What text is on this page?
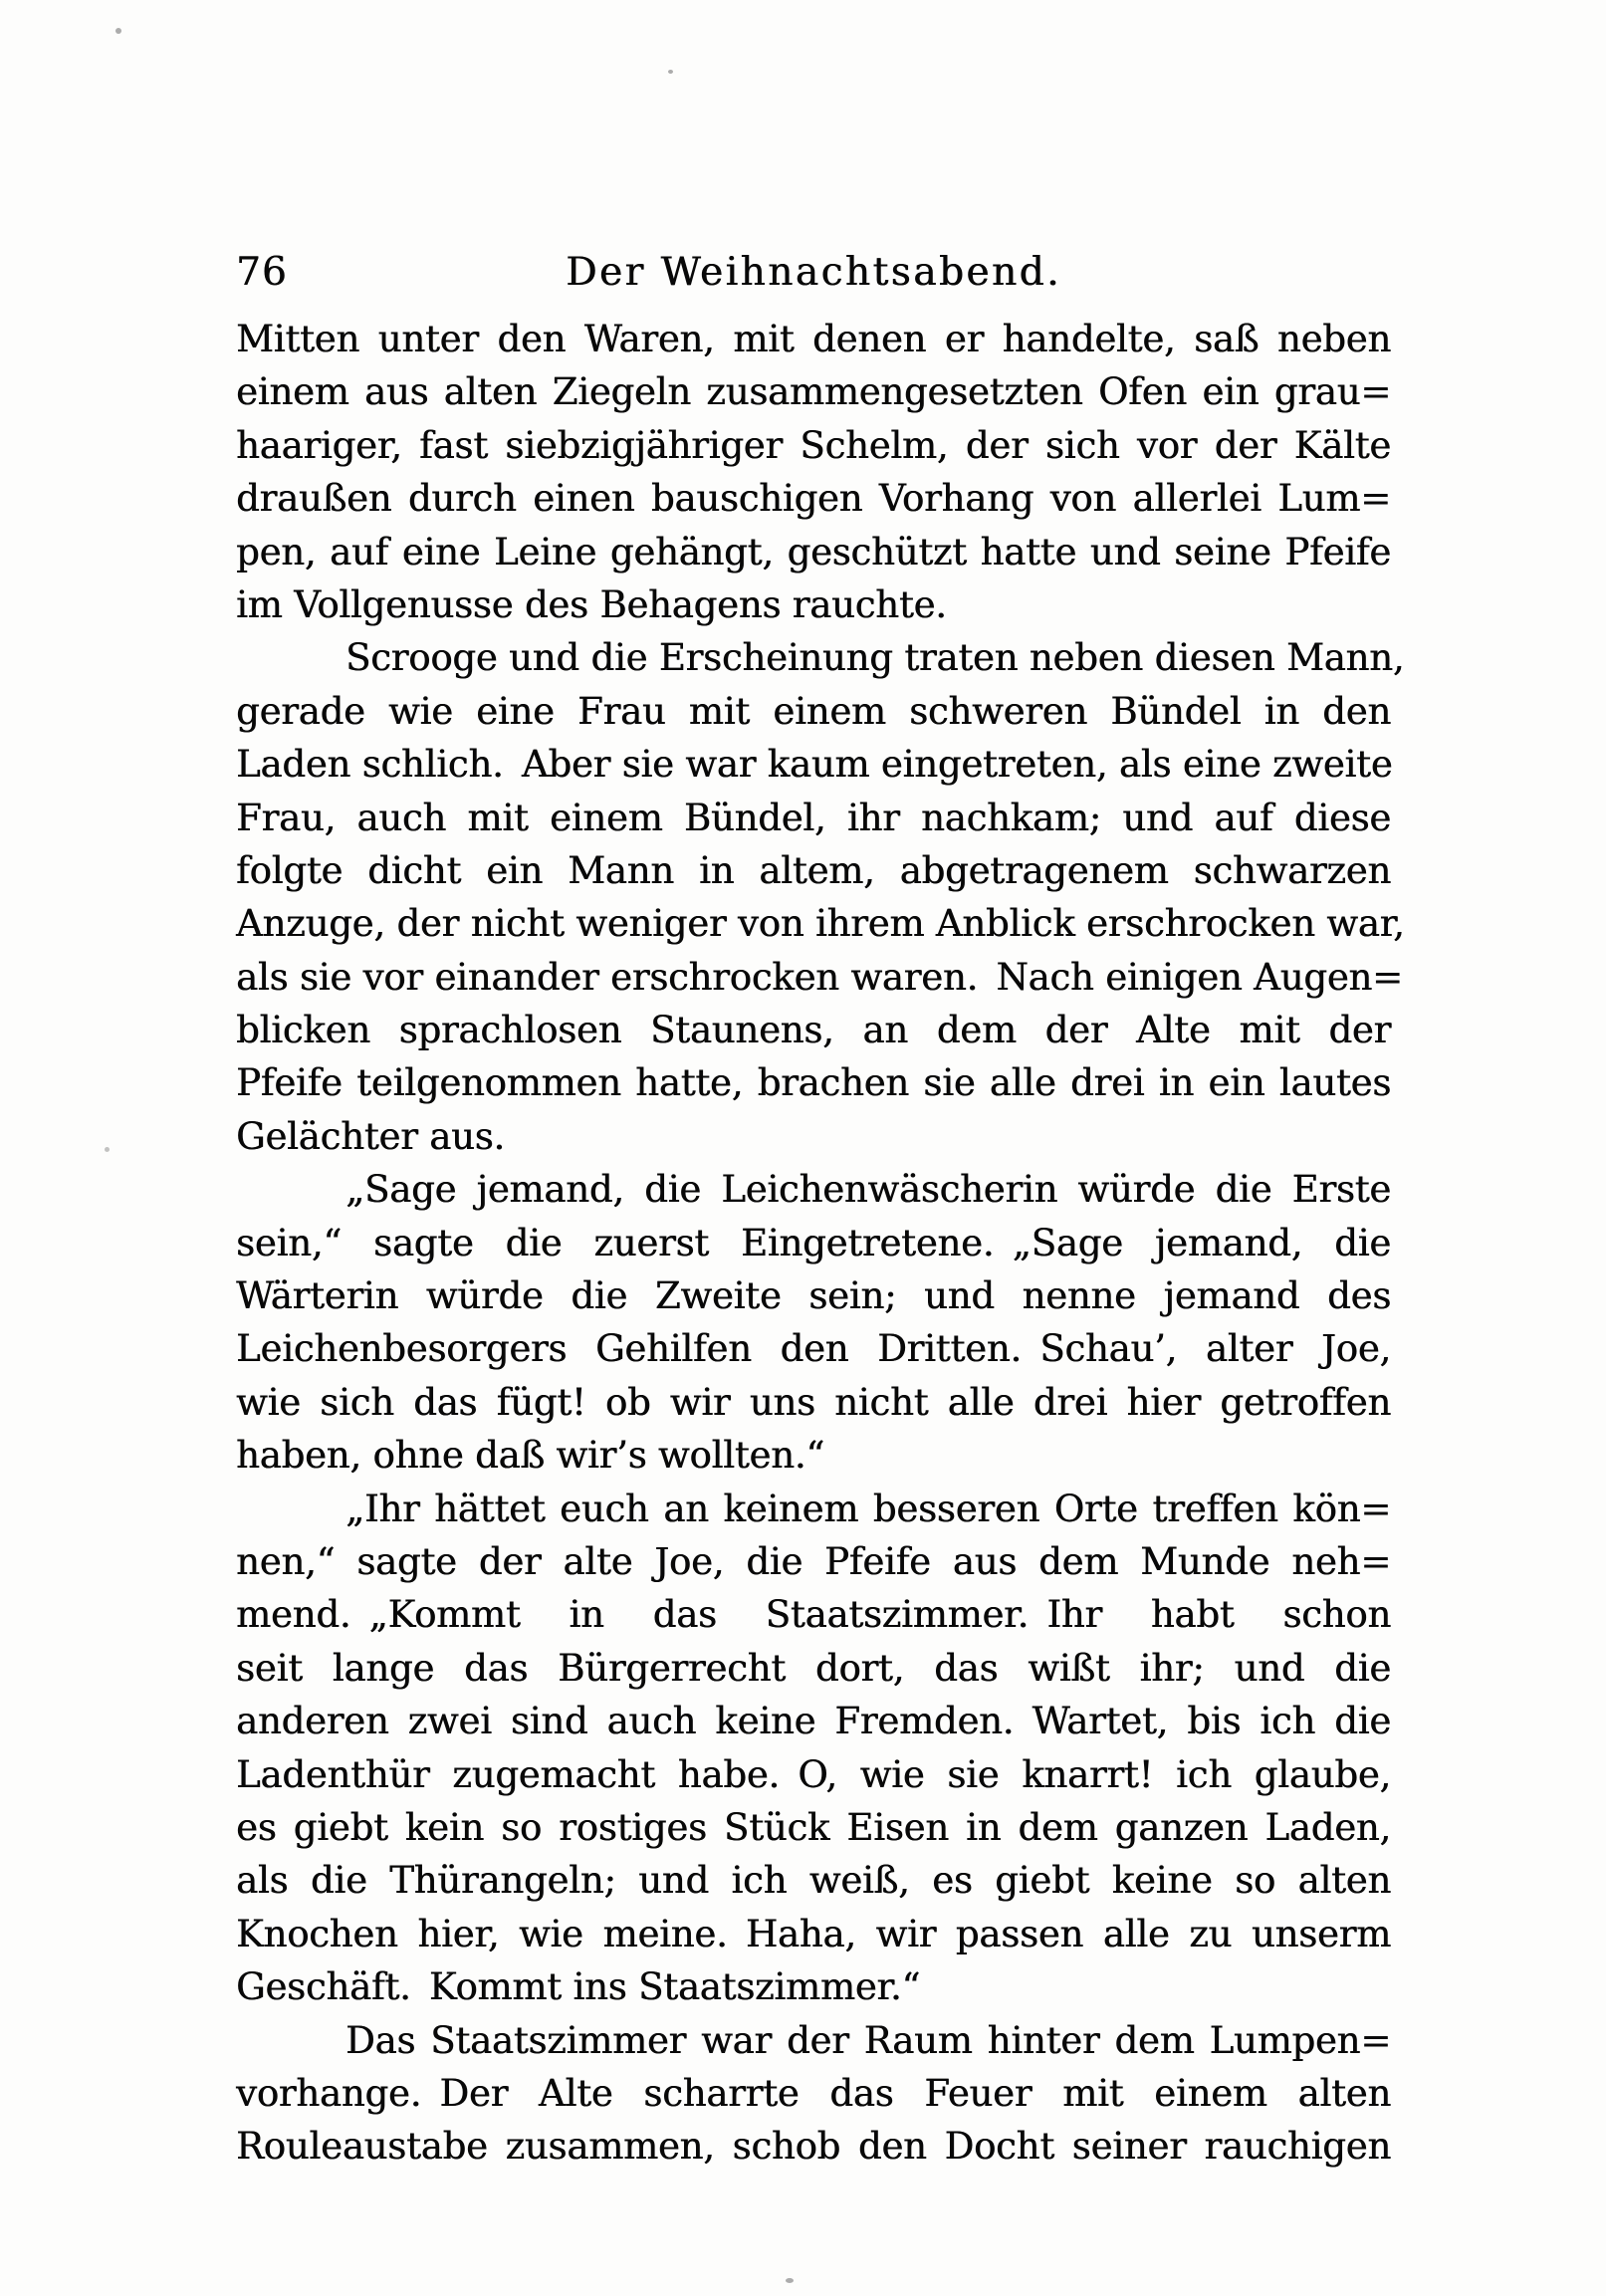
76	Der Weihnachtsabend.
Mitten unter den Waren, mit denen er handelte, saß neben
einem aus alten Ziegeln zusammengesetzten Ofen ein grau=
haariger, fast siebzigjähriger Schelm, der sich vor der Kälte
draußen durch einen bauschigen Vorhang von allerlei Lum=
pen, auf eine Leine gehängt, geschützt hatte und seine Pfeife
im Vollgenusse des Behagens rauchte.
Scrooge und die Erscheinung traten neben diesen Mann,
gerade wie eine Frau mit einem schweren Bündel in den
Laden schlich. Aber sie war kaum eingetreten, als eine zweite
Frau, auch mit einem Bündel, ihr nachkam; und auf diese
folgte dicht ein Mann in altem, abgetragenem schwarzen
Anzuge, der nicht weniger von ihrem Anblick erschrocken war,
als sie vor einander erschrocken waren. Nach einigen Augen=
blicken sprachlosen Staunens, an dem der Alte mit der
Pfeife teilgenommen hatte, brachen sie alle drei in ein lautes
Gelächter aus.
„Sage jemand, die Leichenwäscherin würde die Erste
sein,“ sagte die zuerst Eingetretene. „Sage jemand, die
Wärterin würde die Zweite sein; und nenne jemand des
Leichenbesorgers Gehilfen den Dritten. Schau’, alter Joe,
wie sich das fügt! ob wir uns nicht alle drei hier getroffen
haben, ohne daß wir’s wollten.“
„Ihr hättet euch an keinem besseren Orte treffen kön=
nen,“ sagte der alte Joe, die Pfeife aus dem Munde neh=
mend. „Kommt in das Staatszimmer. Ihr habt schon
seit lange das Bürgerrecht dort, das wißt ihr; und die
anderen zwei sind auch keine Fremden. Wartet, bis ich die
Ladenthür zugemacht habe. O, wie sie knarrt! ich glaube,
es giebt kein so rostiges Stück Eisen in dem ganzen Laden,
als die Thürangeln; und ich weiß, es giebt keine so alten
Knochen hier, wie meine. Haha, wir passen alle zu unserm
Geschäft. Kommt ins Staatszimmer.“
Das Staatszimmer war der Raum hinter dem Lumpen=
vorhange. Der Alte scharrte das Feuer mit einem alten
Rouleaustabe zusammen, schob den Docht seiner rauchigen
